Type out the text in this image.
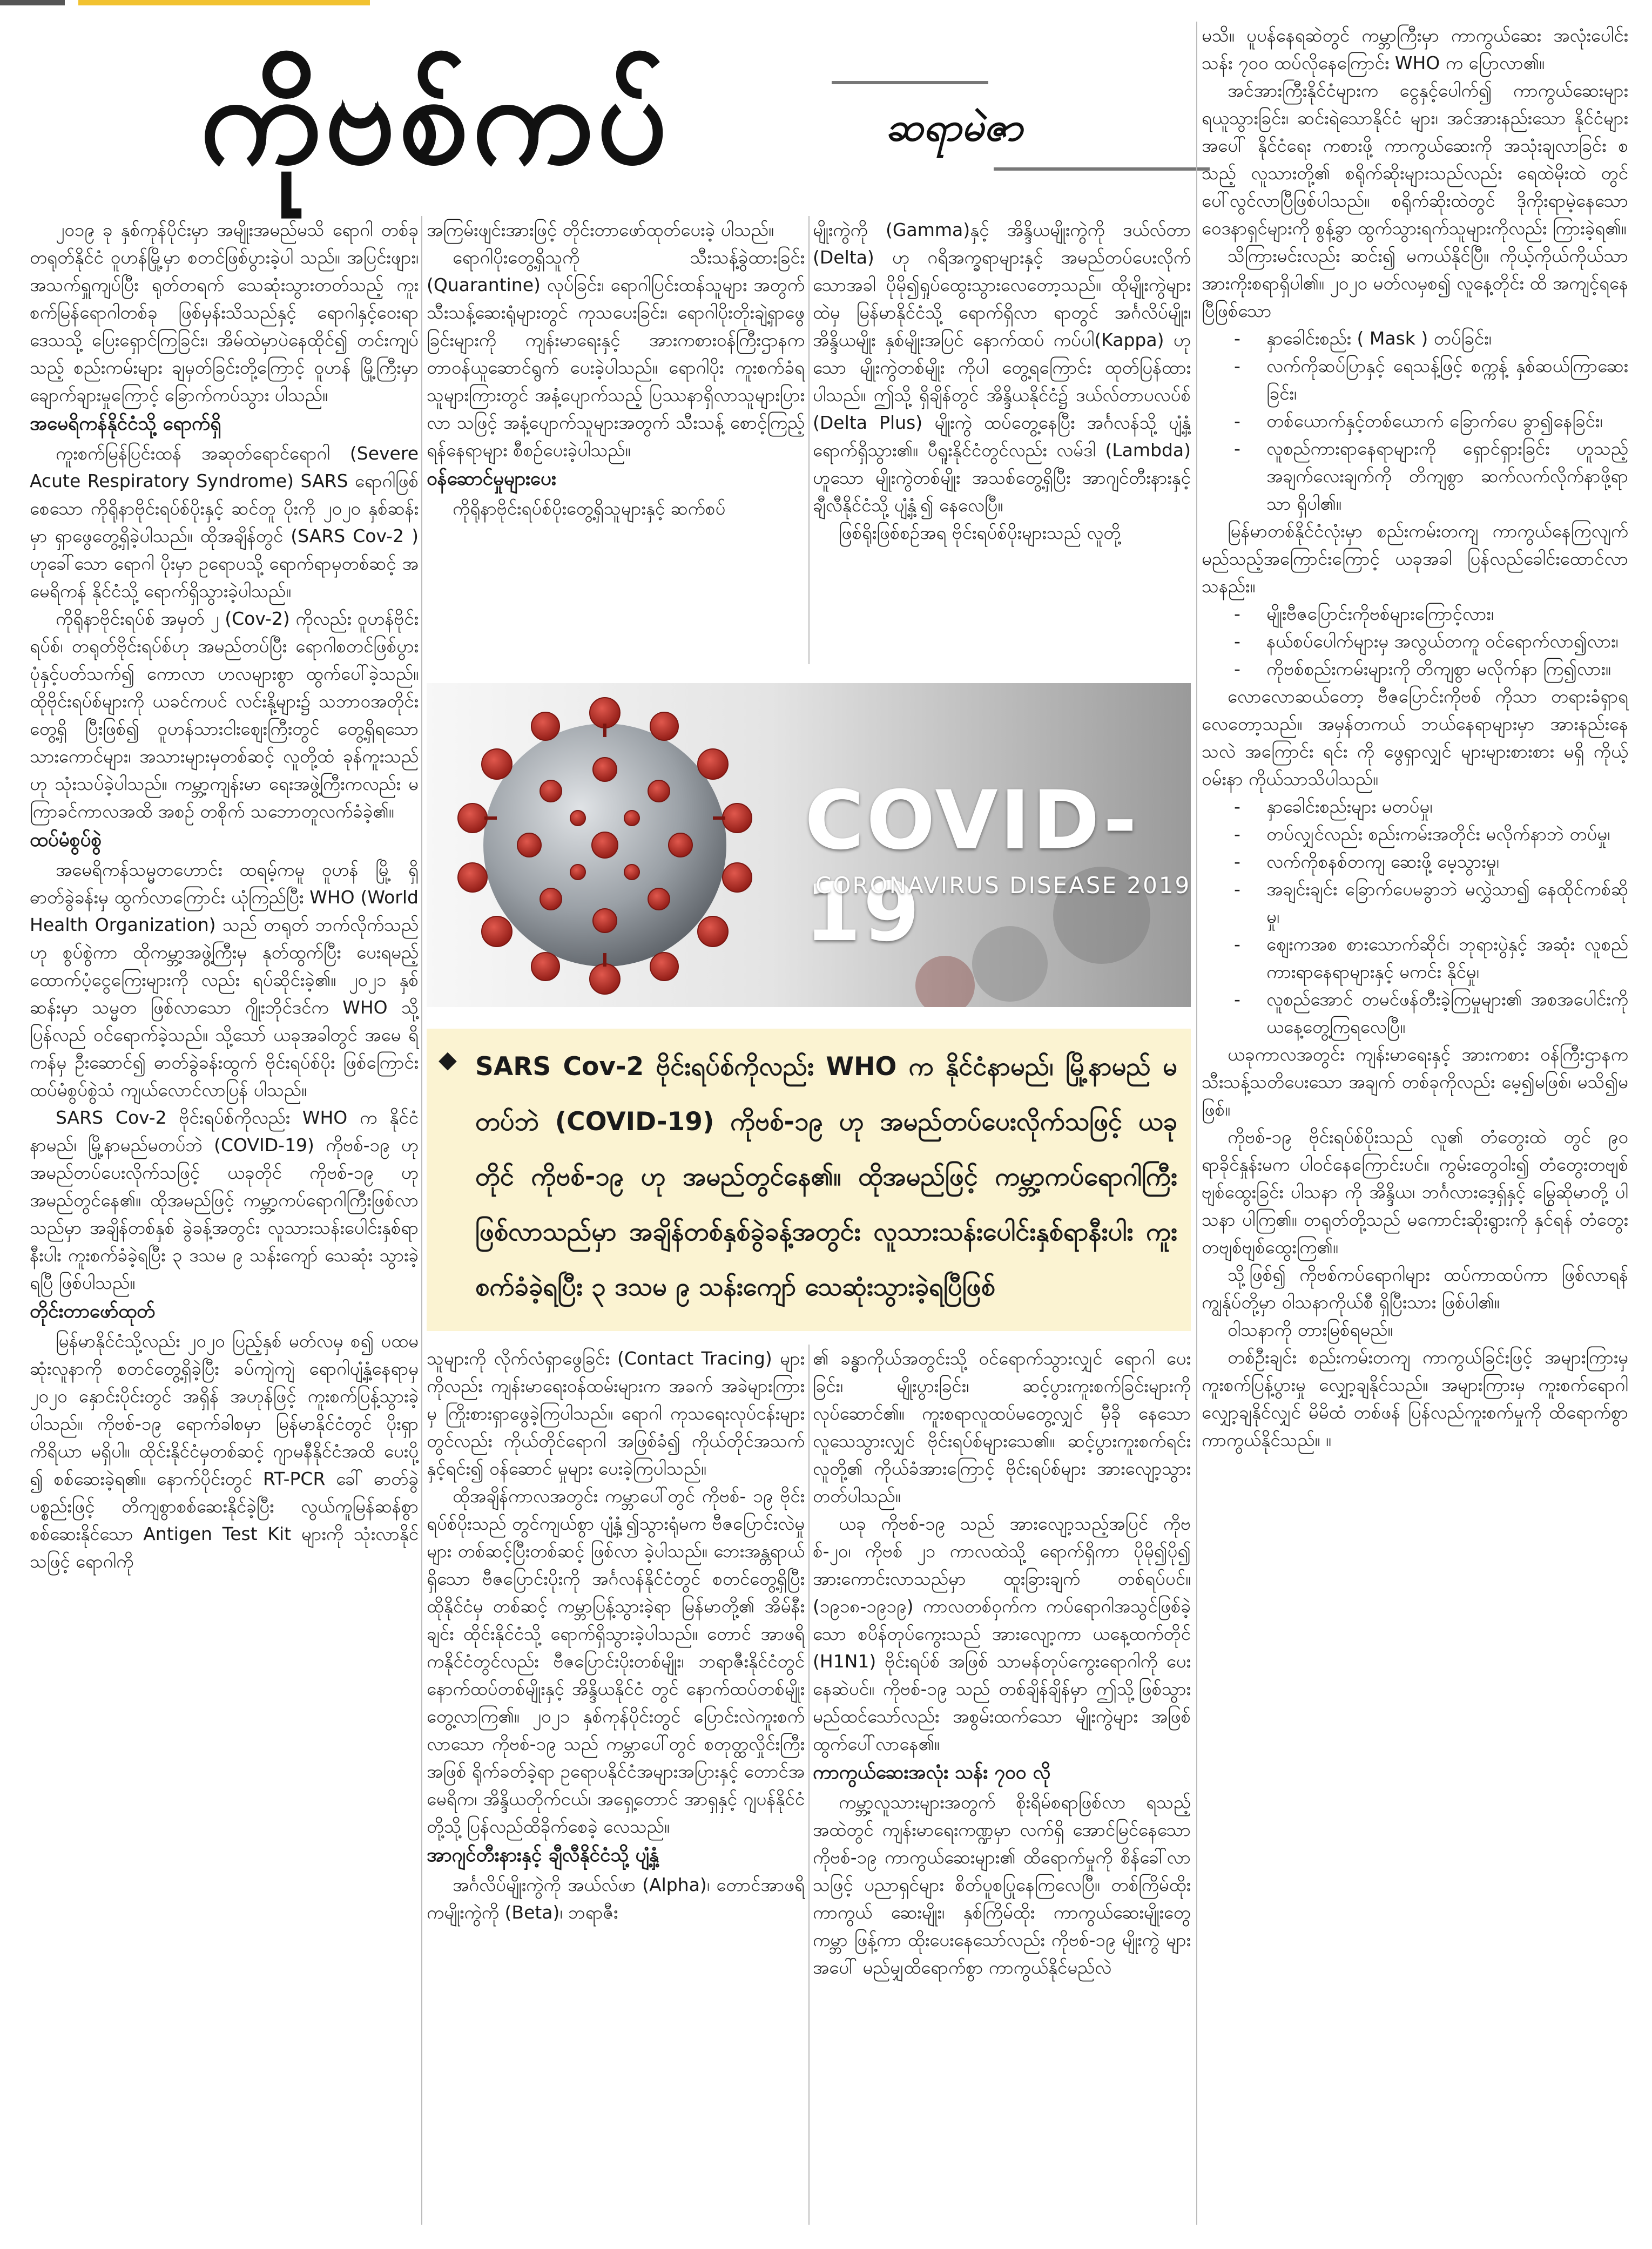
ကိုဗစ်ကပ်	ဆရာမဲဇာ

၂၀၁၉ ခု နှစ်ကုန်ပိုင်းမှာ အမျိုးအမည်မသိ ရောဂါ တစ်ခု တရုတ်နိုင်ငံ ဝူဟန်မြို့မှာ စတင်ဖြစ်ပွားခဲ့ပါ သည်။ အပြင်းဖျား၊ အသက်ရှူကျပ်ပြီး ရုတ်တရက် သေဆုံးသွားတတ်သည့် ကူးစက်မြန်ရောဂါတစ်ခု ဖြစ်မှန်းသိသည်နှင့် ရောဂါနှင့်ဝေးရာဒေသသို့ ပြေးရှောင်ကြခြင်း၊ အိမ်ထဲမှာပဲနေထိုင်၍ တင်းကျပ် သည့် စည်းကမ်းများ ချမှတ်ခြင်းတို့ကြောင့် ဝူဟန် မြို့ကြီးမှာ ချောက်ချားမှုကြောင့် ခြောက်ကပ်သွား ပါသည်။

အမေရိကန်နိုင်ငံသို့ ရောက်ရှိ

ကူးစက်မြန်ပြင်းထန် အဆုတ်ရောင်ရောဂါ (Severe Acute Respiratory Syndrome) SARS ရောဂါဖြစ်စေသော ကိုရိုနာဗိုင်းရပ်စ်ပိုးနှင့် ဆင်တူ ပိုးကို ၂၀၂၀ နှစ်ဆန်းမှာ ရှာဖွေတွေ့ရှိခဲ့ပါသည်။ ထိုအချိန်တွင် (SARS Cov-2 ) ဟုခေါ်သော ရောဂါ ပိုးမှာ ဥရောပသို့ ရောက်ရာမှတစ်ဆင့် အမေရိကန် နိုင်ငံသို့ ရောက်ရှိသွားခဲ့ပါသည်။

ကိုရိုနာဗိုင်းရပ်စ် အမှတ် ၂ (Cov-2) ကိုလည်း ဝူဟန်ဗိုင်းရပ်စ်၊ တရုတ်ဗိုင်းရပ်စ်ဟု အမည်တပ်ပြီး ရောဂါစတင်ဖြစ်ပွားပုံနှင့်ပတ်သက်၍ ကောလာ ဟလများစွာ ထွက်ပေါ်ခဲ့သည်။ ထိုဗိုင်းရပ်စ်များကို ယခင်ကပင် လင်းနို့များ၌ သဘာဝအတိုင်း တွေ့ရှိ ပြီးဖြစ်၍ ဝူဟန်သားငါးဈေးကြီးတွင် တွေ့ရှိရသော သားကောင်များ၊ အသားများမှတစ်ဆင့် လူတို့ထံ ခုန်ကူးသည်ဟု သုံးသပ်ခဲ့ပါသည်။ ကမ္ဘာ့ကျန်းမာ ရေးအဖွဲ့ကြီးကလည်း မကြာခင်ကာလအထိ အစဉ် တစိုက် သဘောတူလက်ခံခဲ့၏။

ထပ်မံစွပ်စွဲ

အမေရိကန်သမ္မတဟောင်း ထရမ့်ကမူ ဝူဟန် မြို့ ရှိ ဓာတ်ခွဲခန်းမှ ထွက်လာကြောင်း ယုံကြည်ပြီး WHO (World Health Organization) သည် တရုတ် ဘက်လိုက်သည်ဟု စွပ်စွဲကာ ထိုကမ္ဘာ့အဖွဲ့ကြီးမှ နုတ်ထွက်ပြီး ပေးရမည့် ထောက်ပံ့ငွေကြေးများကို လည်း ရပ်ဆိုင်းခဲ့၏။ ၂၀၂၁ နှစ်ဆန်းမှာ သမ္မတ ဖြစ်လာသော ဂျိုးဘိုင်ဒင်က WHO သို့ ပြန်လည် ဝင်ရောက်ခဲ့သည်။ သို့သော် ယခုအခါတွင် အမေ ရိကန်မှ ဦးဆောင်၍ ဓာတ်ခွဲခန်းထွက် ဗိုင်းရပ်စ်ပိုး ဖြစ်ကြောင်း ထပ်မံစွပ်စွဲသံ ကျယ်လောင်လာပြန် ပါသည်။

SARS Cov-2 ဗိုင်းရပ်စ်ကိုလည်း WHO က နိုင်ငံနာမည်၊ မြို့နာမည်မတပ်ဘဲ (COVID-19) ကိုဗစ်-၁၉ ဟု အမည်တပ်ပေးလိုက်သဖြင့် ယခုတိုင် ကိုဗစ်-၁၉ ဟု အမည်တွင်နေ၏။ ထိုအမည်ဖြင့် ကမ္ဘာ့ကပ်ရောဂါကြီးဖြစ်လာသည်မှာ အချိန်တစ်နှစ် ခွဲခန့်အတွင်း လူသားသန်းပေါင်းနှစ်ရာနီးပါး ကူးစက်ခံခဲ့ရပြီး ၃ ဒသမ ၉ သန်းကျော် သေဆုံး သွားခဲ့ရပြီ ဖြစ်ပါသည်။

တိုင်းတာဖော်ထုတ်

မြန်မာနိုင်ငံသို့လည်း ၂၀၂၀ ပြည့်နှစ် မတ်လမှ စ၍ ပထမဆုံးလူနာကို စတင်တွေ့ရှိခဲ့ပြီး ခပ်ကျဲကျဲ ရောဂါပျံ့နှံ့နေရာမှ ၂၀၂၀ နှောင်းပိုင်းတွင် အရှိန် အဟုန်ဖြင့် ကူးစက်ပြန့်သွားခဲ့ပါသည်။ ကိုဗစ်-၁၉ ရောက်ခါစမှာ မြန်မာနိုင်ငံတွင် ပိုးရှာကိရိယာ မရှိပါ။ ထိုင်းနိုင်ငံမှတစ်ဆင့် ဂျာမနီနိုင်ငံအထိ ပေးပို့ ၍ စစ်ဆေးခဲ့ရ၏။ နောက်ပိုင်းတွင် RT-PCR ခေါ် ဓာတ်ခွဲပစ္စည်းဖြင့် တိကျစွာစစ်ဆေးနိုင်ခဲ့ပြီး လွယ်ကူမြန်ဆန်စွာ စစ်ဆေးနိုင်သော Antigen Test Kit များကို သုံးလာနိုင်သဖြင့် ရောဂါကို

အကြမ်းဖျင်းအားဖြင့် တိုင်းတာဖော်ထုတ်ပေးခဲ့ ပါသည်။

ရောဂါပိုးတွေ့ရှိသူကို သီးသန့်ခွဲထားခြင်း (Quarantine) လုပ်ခြင်း၊ ရောဂါပြင်းထန်သူများ အတွက် သီးသန့်ဆေးရုံများတွင် ကုသပေးခြင်း၊ ရောဂါပိုးတိုးချဲ့ရှာဖွေခြင်းများကို ကျန်းမာရေးနှင့် အားကစားဝန်ကြီးဌာနက တာဝန်ယူဆောင်ရွက် ပေးခဲ့ပါသည်။ ရောဂါပိုး ကူးစက်ခံရသူများကြားတွင် အနံ့ပျောက်သည့် ပြဿနာရှိလာသူများပြားလာ သဖြင့် အနံ့ပျောက်သူများအတွက် သီးသန့် စောင့်ကြည့်ရန်နေရာများ စီစဉ်ပေးခဲ့ပါသည်။

ဝန်ဆောင်မှုများပေး

ကိုရိုနာဗိုင်းရပ်စ်ပိုးတွေ့ရှိသူများနှင့် ဆက်စပ်

မျိုးကွဲကို (Gamma)နှင့် အိန္ဒိယမျိုးကွဲကို ဒယ်လ်တာ (Delta) ဟု ဂရိအက္ခရာများနှင့် အမည်တပ်ပေးလိုက် သောအခါ ပိုမို၍ရှုပ်ထွေးသွားလေတော့သည်။ ထိုမျိုးကွဲများထဲမှ မြန်မာနိုင်ငံသို့ ရောက်ရှိလာ ရာတွင် အင်္ဂလိပ်မျိုး၊ အိန္ဒိယမျိုး နှစ်မျိုးအပြင် နောက်ထပ် ကပ်ပါ(Kappa) ဟုသော မျိုးကွဲတစ်မျိုး ကိုပါ တွေ့ရကြောင်း ထုတ်ပြန်ထားပါသည်။ ဤသို့ ရှိချိန်တွင် အိန္ဒိယနိုင်ငံ၌ ဒယ်လ်တာပလပ်စ် (Delta Plus) မျိုးကွဲ ထပ်တွေ့နေပြီး အင်္ဂလန်သို့ ပျံ့နှံ့ ရောက်ရှိသွား၏။ ပီရူးနိုင်ငံတွင်လည်း လမ်ဒါ (Lambda) ဟူသော မျိုးကွဲတစ်မျိုး အသစ်တွေ့ရှိပြီး အာဂျင်တီးနားနှင့် ချီလီနိုင်ငံသို့ ပျံ့နှံ့၍ နေလေပြီ။

ဖြစ်ရိုးဖြစ်စဉ်အရ ဗိုင်းရပ်စ်ပိုးများသည် လူတို့

COVID-19
CORONAVIRUS DISEASE 2019
◆ SARS Cov-2 ဗိုင်းရပ်စ်ကိုလည်း WHO က နိုင်ငံနာမည်၊ မြို့နာမည် မတပ်ဘဲ (COVID-19) ကိုဗစ်-၁၉ ဟု အမည်တပ်ပေးလိုက်သဖြင့် ယခုတိုင် ကိုဗစ်-၁၉ ဟု အမည်တွင်နေ၏။ ထိုအမည်ဖြင့် ကမ္ဘာ့ကပ်ရောဂါကြီး ဖြစ်လာသည်မှာ အချိန်တစ်နှစ်ခွဲခန့်အတွင်း လူသားသန်းပေါင်းနှစ်ရာနီးပါး ကူးစက်ခံခဲ့ရပြီး ၃ ဒသမ ၉ သန်းကျော် သေဆုံးသွားခဲ့ရပြီဖြစ်

သူများကို လိုက်လံရှာဖွေခြင်း (Contact Tracing) များကိုလည်း ကျန်းမာရေးဝန်ထမ်းများက အခက် အခဲများကြားမှ ကြိုးစားရှာဖွေခဲ့ကြပါသည်။ ရောဂါ ကုသရေးလုပ်ငန်းများတွင်လည်း ကိုယ်တိုင်ရောဂါ အဖြစ်ခံ၍ ကိုယ်တိုင်အသက်နှင့်ရင်း၍ ဝန်ဆောင် မှုများ ပေးခဲ့ကြပါသည်။

ထိုအချိန်ကာလအတွင်း ကမ္ဘာပေါ်တွင် ကိုဗစ်- ၁၉ ဗိုင်းရပ်စ်ပိုးသည် တွင်ကျယ်စွာ ပျံ့နှံ့၍သွားရုံမက ဗီဇပြောင်းလဲမှုများ တစ်ဆင့်ပြီးတစ်ဆင့် ဖြစ်လာ ခဲ့ပါသည်။ ဘေးအန္တရာယ်ရှိသော ဗီဇပြောင်းပိုးကို အင်္ဂလန်နိုင်ငံတွင် စတင်တွေ့ရှိပြီး ထိုနိုင်ငံမှ တစ်ဆင့် ကမ္ဘာပြန့်သွားခဲ့ရာ မြန်မာတို့၏ အိမ်နီး ချင်း ထိုင်းနိုင်ငံသို့ ရောက်ရှိသွားခဲ့ပါသည်။ တောင် အာဖရိကနိုင်ငံတွင်လည်း ဗီဇပြောင်းပိုးတစ်မျိုး၊ ဘရာဇီးနိုင်ငံတွင် နောက်ထပ်တစ်မျိုးနှင့် အိန္ဒိယနိုင်ငံ တွင် နောက်ထပ်တစ်မျိုး တွေ့လာကြ၏။ ၂၀၂၁ နှစ်ကုန်ပိုင်းတွင် ပြောင်းလဲကူးစက်လာသော ကိုဗစ်-၁၉ သည် ကမ္ဘာပေါ်တွင် စတုတ္ထလှိုင်းကြီး အဖြစ် ရိုက်ခတ်ခဲ့ရာ ဥရောပနိုင်ငံအများအပြားနှင့် တောင်အမေရိက၊ အိန္ဒိယတိုက်ငယ်၊ အရှေ့တောင် အာရှနှင့် ဂျပန်နိုင်ငံတို့သို့ ပြန်လည်ထိခိုက်စေခဲ့ လေသည်။

အာဂျင်တီးနားနှင့် ချီလီနိုင်ငံသို့ ပျံ့နှံ့

အင်္ဂလိပ်မျိုးကွဲကို အယ်လ်ဖာ (Alpha)၊ တောင်အာဖရိကမျိုးကွဲကို (Beta)၊ ဘရာဇီး

၏ ခန္ဓာကိုယ်အတွင်းသို့ ဝင်ရောက်သွားလျှင် ရောဂါ ပေးခြင်း၊ မျိုးပွားခြင်း၊ ဆင့်ပွားကူးစက်ခြင်းများကို လုပ်ဆောင်၏။ ကူးစရာလူထပ်မတွေ့လျှင် မှီခို နေသော လူသေသွားလျှင် ဗိုင်းရပ်စ်များသေ၏။ ဆင့်ပွားကူးစက်ရင်း လူတို့၏ ကိုယ်ခံအားကြောင့် ဗိုင်းရပ်စ်များ အားလျော့သွားတတ်ပါသည်။

ယခု ကိုဗစ်-၁၉ သည် အားလျော့သည့်အပြင် ကိုဗစ်-၂၀၊ ကိုဗစ် ၂၁ ကာလထဲသို့ ရောက်ရှိကာ ပိုမို၍ပို၍ အားကောင်းလာသည်မှာ ထူးခြားချက် တစ်ရပ်ပင်။ (၁၉၁၈-၁၉၁၉) ကာလတစ်ဝှက်က ကပ်ရောဂါအသွင်ဖြစ်ခဲ့သော စပိန်တုပ်ကွေးသည် အားလျော့ကာ ယနေ့ထက်တိုင် (H1N1) ဗိုင်းရပ်စ် အဖြစ် သာမန်တုပ်ကွေးရောဂါကို ပေးနေဆဲပင်။ ကိုဗစ်-၁၉ သည် တစ်ချိန်ချိန်မှာ ဤသို့ဖြစ်သွား မည်ထင်သော်လည်း အစွမ်းထက်သော မျိုးကွဲများ အဖြစ် ထွက်ပေါ်လာနေ၏။

ကာကွယ်ဆေးအလုံး သန်း ၇၀၀ လို

ကမ္ဘာ့လူသားများအတွက် စိုးရိမ်စရာဖြစ်လာ ရသည့်အထဲတွင် ကျန်းမာရေးကဏ္ဍမှာ လက်ရှိ အောင်မြင်နေသောကိုဗစ်-၁၉ ကာကွယ်ဆေးများ၏ ထိရောက်မှုကို စိန်ခေါ်လာသဖြင့် ပညာရှင်များ စိတ်ပူစပြုနေကြလေပြီ။ တစ်ကြိမ်ထိုး ကာကွယ် ဆေးမျိုး၊ နှစ်ကြိမ်ထိုး ကာကွယ်ဆေးမျိုးတွေ ကမ္ဘာ ဖြန့်ကာ ထိုးပေးနေသော်လည်း ကိုဗစ်-၁၉ မျိုးကွဲ များအပေါ် မည်မျှထိရောက်စွာ ကာကွယ်နိုင်မည်လဲ

မသိ။ ပူပန်နေရဆဲတွင် ကမ္ဘာကြီးမှာ ကာကွယ်ဆေး အလုံးပေါင်း သန်း ၇၀၀ ထပ်လိုနေကြောင်း WHO က ပြောလာ၏။

အင်အားကြီးနိုင်ငံများက ငွေနှင့်ပေါက်၍ ကာကွယ်ဆေးများ ရယူသွားခြင်း၊ ဆင်းရဲသောနိုင်ငံ များ၊ အင်အားနည်းသော နိုင်ငံများအပေါ် နိုင်ငံရေး ကစားဖို့ ကာကွယ်ဆေးကို အသုံးချလာခြင်း စသည့် လူသားတို့၏ စရိုက်ဆိုးများသည်လည်း ရေထဲမိုးထဲ တွင် ပေါ်လွင်လာပြီဖြစ်ပါသည်။ စရိုက်ဆိုးထဲတွင် ဒိုကိုးရာမဲ့နေသော ဝေဒနာရှင်များကို စွန့်ခွာ ထွက်သွားရက်သူများကိုလည်း ကြားခဲ့ရ၏။

သိကြားမင်းလည်း ဆင်း၍ မကယ်နိုင်ပြီ။ ကိုယ့်ကိုယ်ကိုယ်သာ အားကိုးစရာရှိပါ၏။ ၂၀၂၀ မတ်လမှစ၍ လူနေ့တိုင်း ထိ အကျင့်ရနေပြီဖြစ်သော

- နှာခေါင်းစည်း ( Mask ) တပ်ခြင်း၊
- လက်ကိုဆပ်ပြာနှင့် ရေသန့်ဖြင့် စက္ကန့် နှစ်ဆယ်ကြာဆေးခြင်း၊
- တစ်ယောက်နှင့်တစ်ယောက် ခြောက်ပေ ခွာ၍နေခြင်း၊
- လူစည်ကားရာနေရာများကို ရှောင်ရှားခြင်း ဟူသည့် အချက်လေးချက်ကို တိကျစွာ ဆက်လက်လိုက်နာဖို့ရာသာ ရှိပါ၏။

မြန်မာတစ်နိုင်ငံလုံးမှာ စည်းကမ်းတကျ ကာကွယ်နေကြလျက် မည်သည့်အကြောင်းကြောင့် ယခုအခါ ပြန်လည်ခေါင်းထောင်လာသနည်း။

- မျိုးဗီဇပြောင်းကိုဗစ်များကြောင့်လား၊
- နယ်စပ်ပေါက်များမှ အလွယ်တကူ ဝင်ရောက်လာ၍လား၊
- ကိုဗစ်စည်းကမ်းများကို တိကျစွာ မလိုက်နာ ကြ၍လား။

လောလောဆယ်တော့ ဗီဇပြောင်းကိုဗစ် ကိုသာ တရားခံရှာရလေတော့သည်။ အမှန်တကယ် ဘယ်နေရာများမှာ အားနည်းနေသလဲ အကြောင်း ရင်း ကို ဖွေရှာလျှင် များများစားစား မရှိ ကိုယ့်ဝမ်းနာ ကိုယ်သာသိပါသည်။

- နှာခေါင်းစည်းများ မတပ်မှု၊
- တပ်လျှင်လည်း စည်းကမ်းအတိုင်း မလိုက်နာဘဲ တပ်မှု၊
- လက်ကိုစနစ်တကျ ဆေးဖို့ မေ့သွားမှု၊
- အချင်းချင်း ခြောက်ပေမခွာဘဲ မလွှဲသာ၍ နေထိုင်ကစ်ဆိုမှု၊
- ဈေးကအစ စားသောက်ဆိုင်၊ ဘုရားပွဲနှင့် အဆုံး လူစည်ကားရာနေရာများနှင့် မကင်း နိုင်မှု၊
- လူစည်အောင် တမင်ဖန်တီးခဲ့ကြမှုများ၏ အစအပေါင်းကို ယနေ့တွေ့ကြရလေပြီ။

ယခုကာလအတွင်း ကျန်းမာရေးနှင့် အားကစား ဝန်ကြီးဌာနက သီးသန့်သတိပေးသော အချက် တစ်ခုကိုလည်း မေ့၍မဖြစ်၊ မသိ၍မဖြစ်။

ကိုဗစ်-၁၉ ဗိုင်းရပ်စ်ပိုးသည် လူ၏ တံတွေးထဲ တွင် ၉၀ ရာခိုင်နှုန်းမက ပါဝင်နေကြောင်းပင်။ ကွမ်းတွေဝါး၍ တံတွေးတဗျစ်ဗျစ်ထွေးခြင်း ပါသနာ ကို အိန္ဒိယ၊ ဘင်္ဂလားဒေ့ရှ်နှင့် မြွေဆိုမာတို့ ပါသနာ ပါကြ၏။ တရုတ်တို့သည် မကောင်းဆိုးရွားကို နှင်ရန် တံတွေးတဗျစ်ဗျစ်ထွေးကြ၏။

သို့ဖြစ်၍ ကိုဗစ်ကပ်ရောဂါများ ထပ်ကာထပ်ကာ ဖြစ်လာရန် ကျွန်ုပ်တို့မှာ ဝါသနာကိုယ်စီ ရှိပြီးသား ဖြစ်ပါ၏။

ဝါသနာကို တားမြစ်ရမည်။

တစ်ဦးချင်း စည်းကမ်းတကျ ကာကွယ်ခြင်းဖြင့် အများကြားမှ ကူးစက်ပြန့်ပွားမှု လျှော့ချနိုင်သည်။ အများကြားမှ ကူးစက်ရောဂါလျှော့ချနိုင်လျှင် မိမိထံ တစ်ဖန် ပြန်လည်ကူးစက်မှုကို ထိရောက်စွာ ကာကွယ်နိုင်သည်။ ။
